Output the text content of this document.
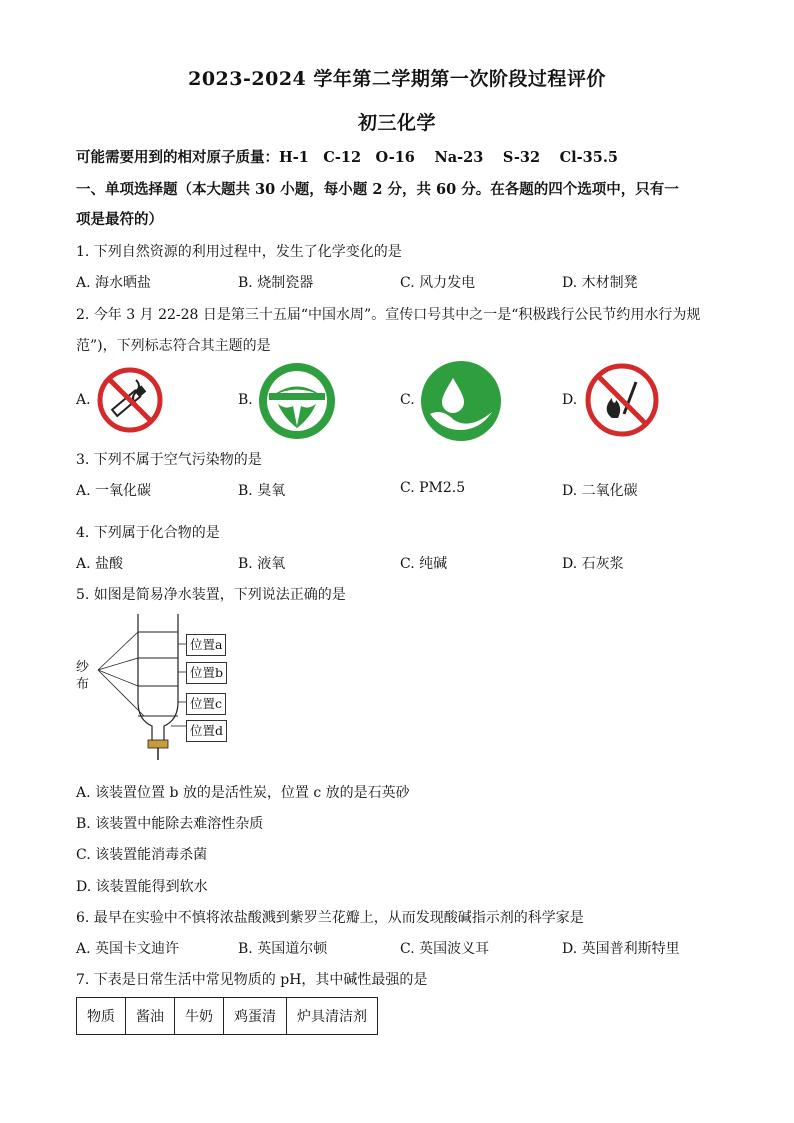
2023-2024 学年第二学期第一次阶段过程评价
初三化学
可能需要用到的相对原子质量：H-1　C-12　O-16　 Na-23　 S-32　 Cl-35.5
一、单项选择题（本大题共 30 小题，每小题 2 分，共 60 分。在各题的四个选项中，只有一
项是最符的）
1. 下列自然资源的利用过程中，发生了化学变化的是
A. 海水晒盐	B. 烧制瓷器	C. 风力发电	D. 木材制凳
2. 今年 3 月 22-28 日是第三十五届“中国水周”。宣传口号其中之一是“积极践行公民节约用水行为规
范”)，下列标志符合其主题的是
A.	B.	C.	D.
3. 下列不属于空气污染物的是
A. 一氧化碳	B. 臭氧	C. PM2.5	D. 二氧化碳
4. 下列属于化合物的是
A. 盐酸	B. 液氧	C. 纯碱	D. 石灰浆
5. 如图是简易净水装置，下列说法正确的是
纱
布
位置a
位置b
位置c
位置d
A. 该装置位置 b 放的是活性炭，位置 c 放的是石英砂
B. 该装置中能除去难溶性杂质
C. 该装置能消毒杀菌
D. 该装置能得到软水
6. 最早在实验中不慎将浓盐酸溅到紫罗兰花瓣上，从而发现酸碱指示剂的科学家是
A. 英国卡文迪许	B. 英国道尔顿	C. 英国波义耳	D. 英国普利斯特里
7. 下表是日常生活中常见物质的 pH，其中碱性最强的是
物质	酱油	牛奶	鸡蛋清	炉具清洁剂
